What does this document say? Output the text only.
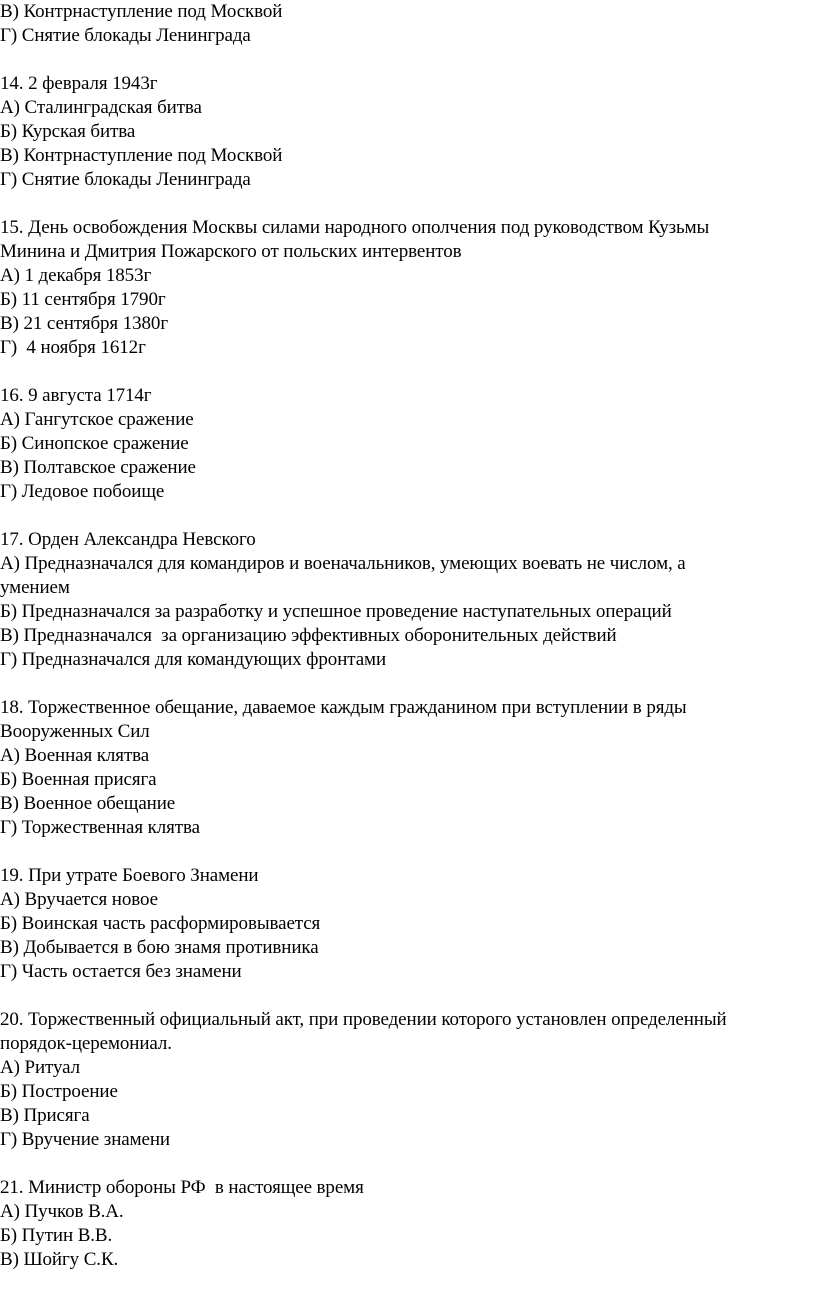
В) Контрнаступление под Москвой
Г) Снятие блокады Ленинграда
14. 2 февраля 1943г
А) Сталинградская битва
Б) Курская битва
В) Контрнаступление под Москвой
Г) Снятие блокады Ленинграда
15. День освобождения Москвы силами народного ополчения под руководством Кузьмы
Минина и Дмитрия Пожарского от польских интервентов
А) 1 декабря 1853г
Б) 11 сентября 1790г
В) 21 сентября 1380г
Г)  4 ноября 1612г
16. 9 августа 1714г
А) Гангутское сражение
Б) Синопское сражение
В) Полтавское сражение
Г) Ледовое побоище
17. Орден Александра Невского
А) Предназначался для командиров и военачальников, умеющих воевать не числом, а
умением
Б) Предназначался за разработку и успешное проведение наступательных операций
В) Предназначался  за организацию эффективных оборонительных действий
Г) Предназначался для командующих фронтами
18. Торжественное обещание, даваемое каждым гражданином при вступлении в ряды
Вооруженных Сил
А) Военная клятва
Б) Военная присяга
В) Военное обещание
Г) Торжественная клятва
19. При утрате Боевого Знамени
А) Вручается новое
Б) Воинская часть расформировывается
В) Добывается в бою знамя противника
Г) Часть остается без знамени
20. Торжественный официальный акт, при проведении которого установлен определенный
порядок-церемониал.
А) Ритуал
Б) Построение
В) Присяга
Г) Вручение знамени
21. Министр обороны РФ  в настоящее время
А) Пучков В.А.
Б) Путин В.В.
В) Шойгу С.К.
